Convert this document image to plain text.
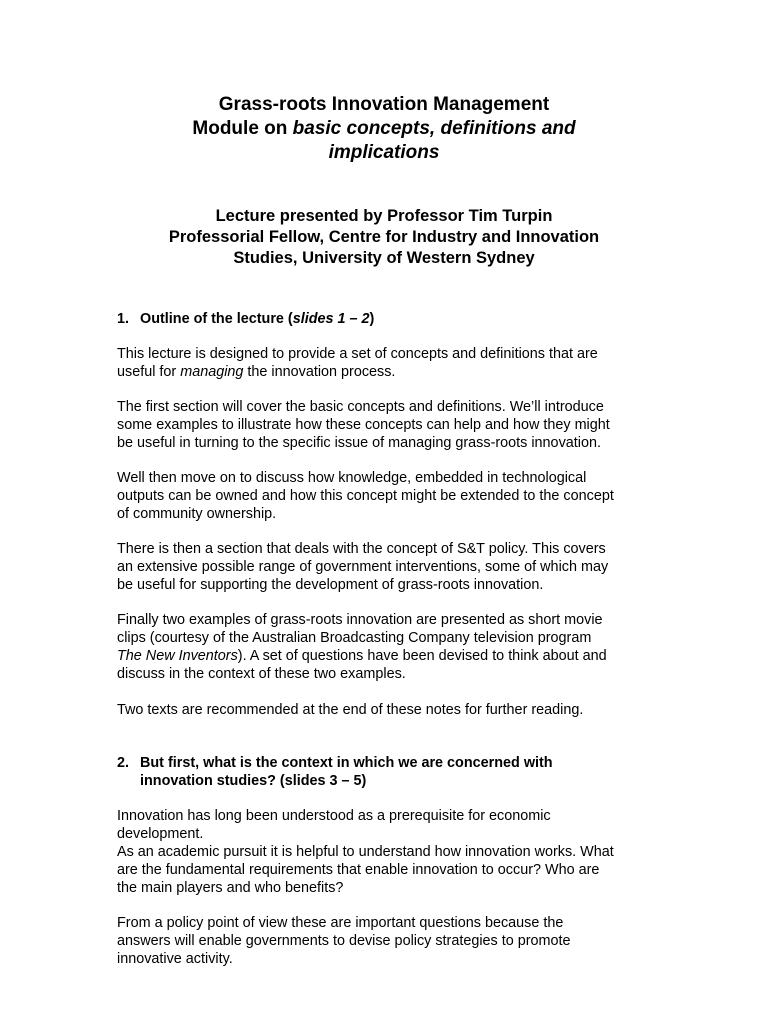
Grass-roots Innovation Management
Module on basic concepts, definitions and
implications
Lecture presented by Professor Tim Turpin
Professorial Fellow, Centre for Industry and Innovation
Studies, University of Western Sydney
1. Outline of the lecture (slides 1 – 2)
This lecture is designed to provide a set of concepts and definitions that are
useful for managing the innovation process.
The first section will cover the basic concepts and definitions. We’ll introduce
some examples to illustrate how these concepts can help and how they might
be useful in turning to the specific issue of managing grass-roots innovation.
Well then move on to discuss how knowledge, embedded in technological
outputs can be owned and how this concept might be extended to the concept
of community ownership.
There is then a section that deals with the concept of S&T policy. This covers
an extensive possible range of government interventions, some of which may
be useful for supporting the development of grass-roots innovation.
Finally two examples of grass-roots innovation are presented as short movie
clips (courtesy of the Australian Broadcasting Company television program
The New Inventors). A set of questions have been devised to think about and
discuss in the context of these two examples.
Two texts are recommended at the end of these notes for further reading.
2. But first, what is the context in which we are concerned with
innovation studies? (slides 3 – 5)
Innovation has long been understood as a prerequisite for economic
development.
As an academic pursuit it is helpful to understand how innovation works. What
are the fundamental requirements that enable innovation to occur? Who are
the main players and who benefits?
From a policy point of view these are important questions because the
answers will enable governments to devise policy strategies to promote
innovative activity.
